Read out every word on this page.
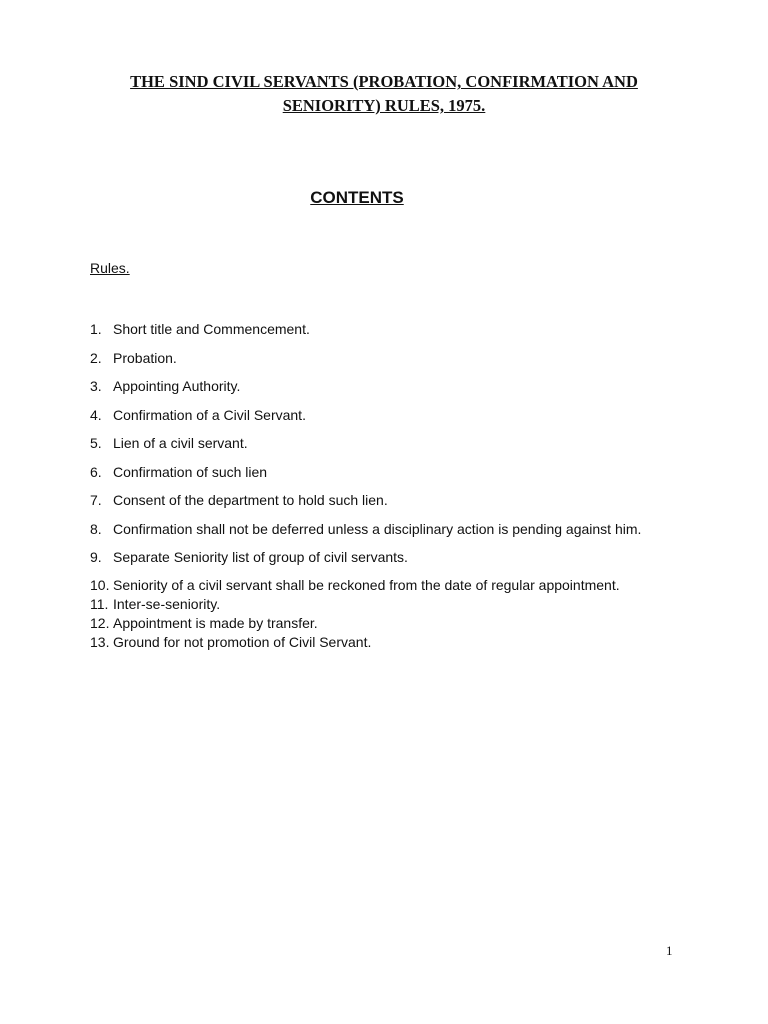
THE SIND CIVIL SERVANTS (PROBATION, CONFIRMATION AND
SENIORITY) RULES, 1975.
CONTENTS

Rules.

1. Short title and Commencement.
2. Probation.
3. Appointing Authority.
4. Confirmation of a Civil Servant.
5. Lien of a civil servant.
6. Confirmation of such lien
7. Consent of the department to hold such lien.
8. Confirmation shall not be deferred unless a disciplinary action is pending against him.
9. Separate Seniority list of group of civil servants.
10. Seniority of a civil servant shall be reckoned from the date of regular appointment.
11. Inter-se-seniority.
12. Appointment is made by transfer.
13. Ground for not promotion of Civil Servant.

1
